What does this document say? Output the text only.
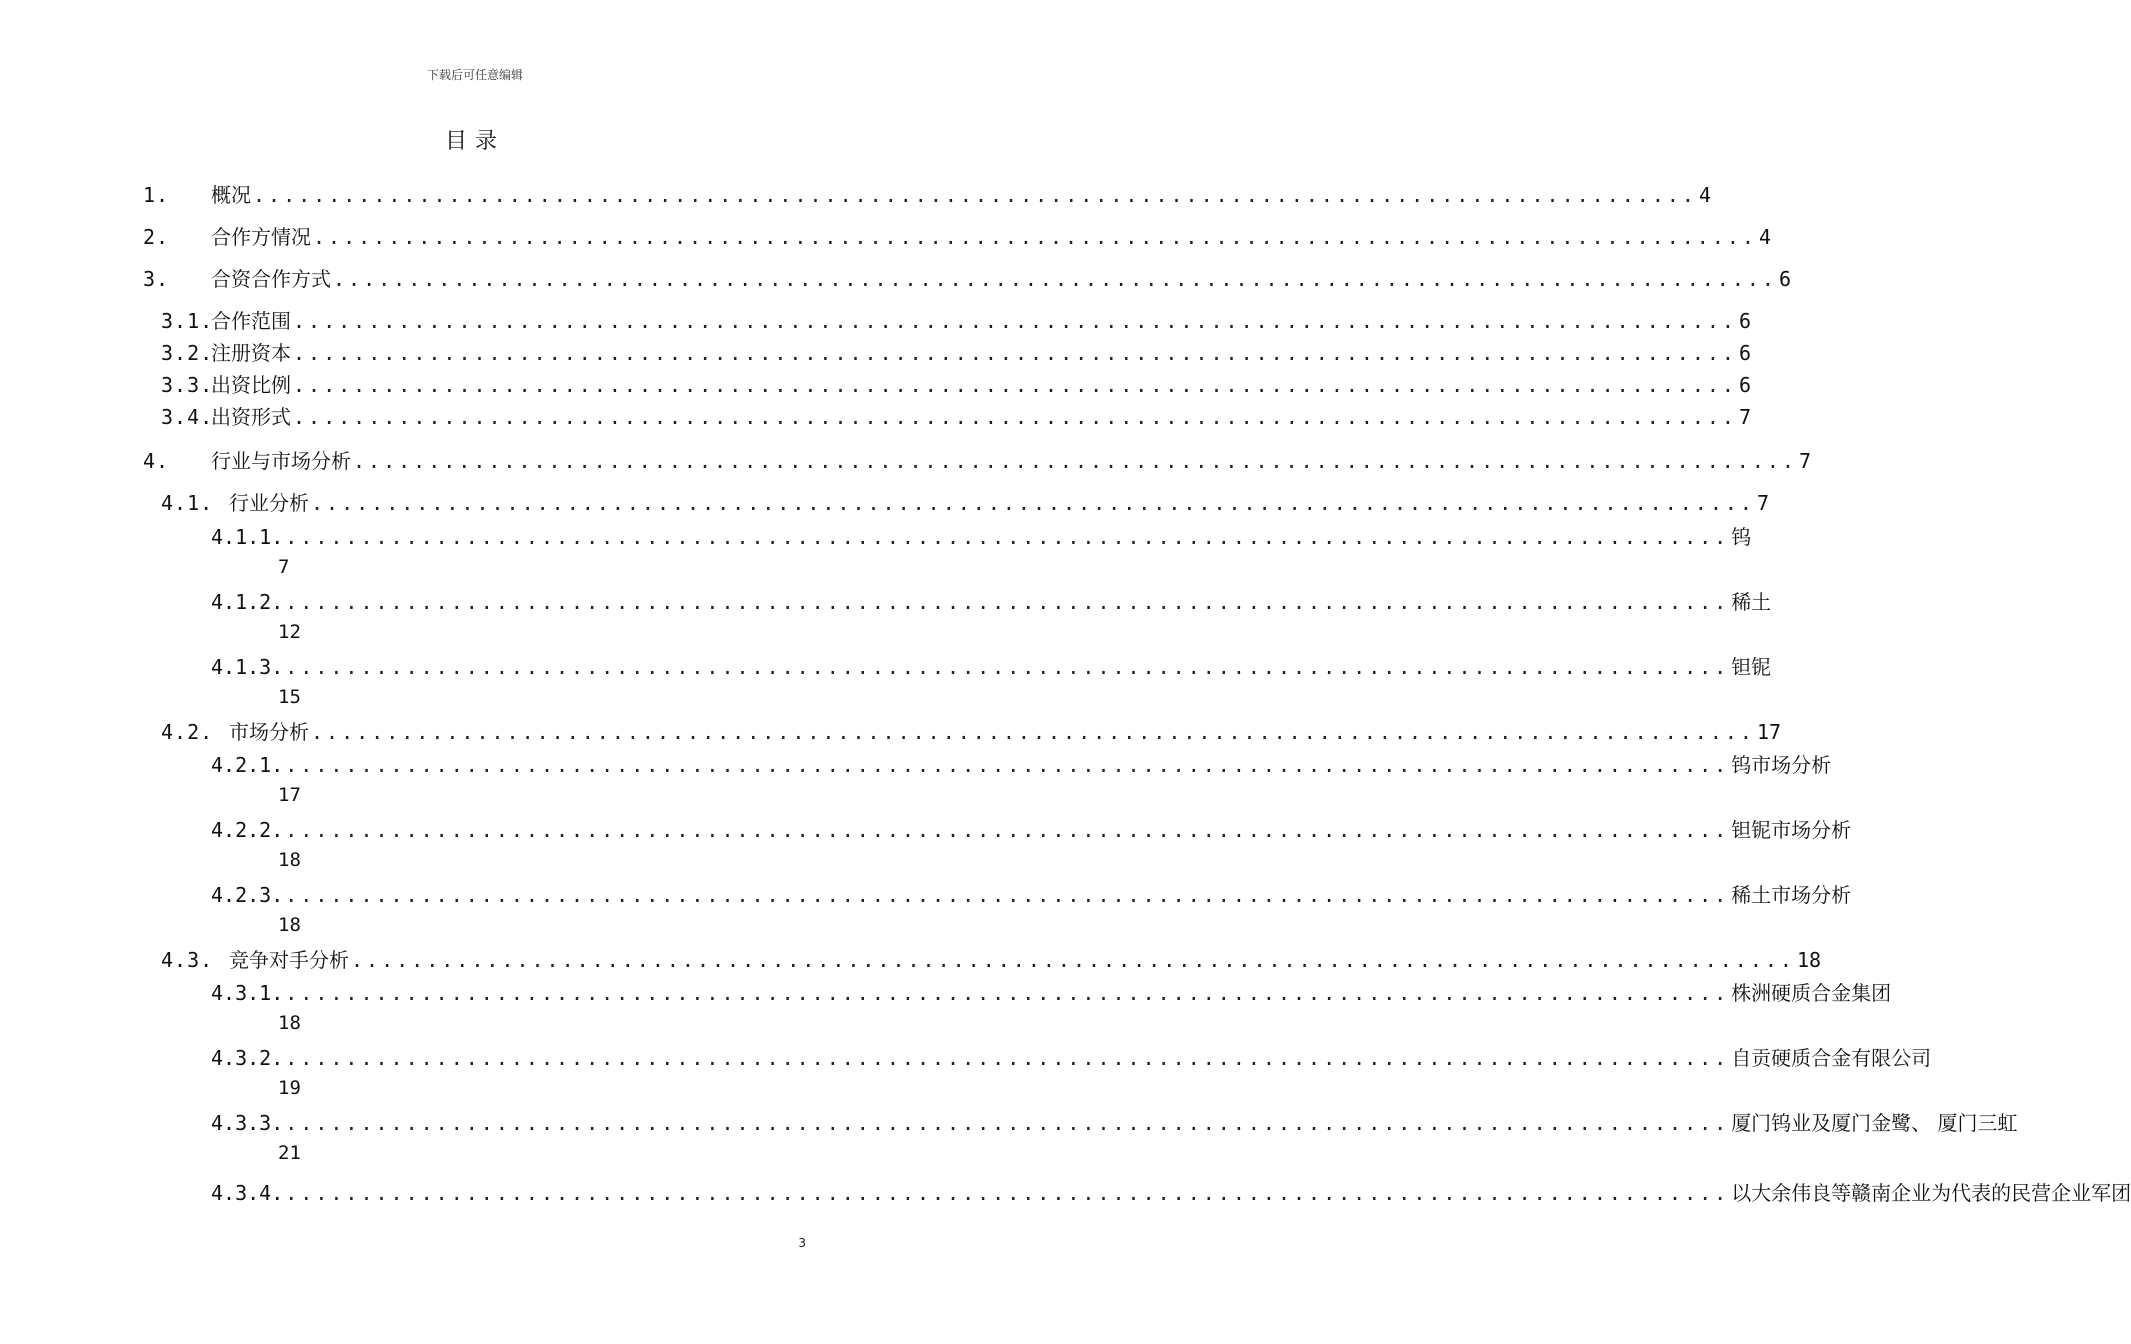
下载后可任意编辑
目录
1. 概况 ................................................................................................ 4
2. 合作方情况 ................................................................................................ 4
3. 合资合作方式 ................................................................................................ 6
3.1.
合作范围 ................................................................................................ 6
3.2.
注册资本 ................................................................................................ 6
3.3.
出资比例 ................................................................................................ 6
3.4.
出资形式 ................................................................................................ 7
4. 行业与市场分析 ................................................................................................ 7
4.1. 行业分析 ................................................................................................ 7
4.1.1. ................................................................................................ 钨
7
4.1.2. ................................................................................................ 稀土
12
4.1.3. ................................................................................................ 钽铌
15
4.2. 市场分析 ................................................................................................ 17
4.2.1. ................................................................................................ 钨市场分析
17
4.2.2. ................................................................................................ 钽铌市场分析
18
4.2.3. ................................................................................................ 稀土市场分析
18
4.3. 竞争对手分析 ................................................................................................ 18
4.3.1. ................................................................................................ 株洲硬质合金集团
18
4.3.2. ................................................................................................ 自贡硬质合金有限公司
19
4.3.3. ................................................................................................ 厦门钨业及厦门金鹭、 厦门三虹
21
4.3.4. ................................................................................................ 以大余伟良等赣南企业为代表的民营企业军团
3
